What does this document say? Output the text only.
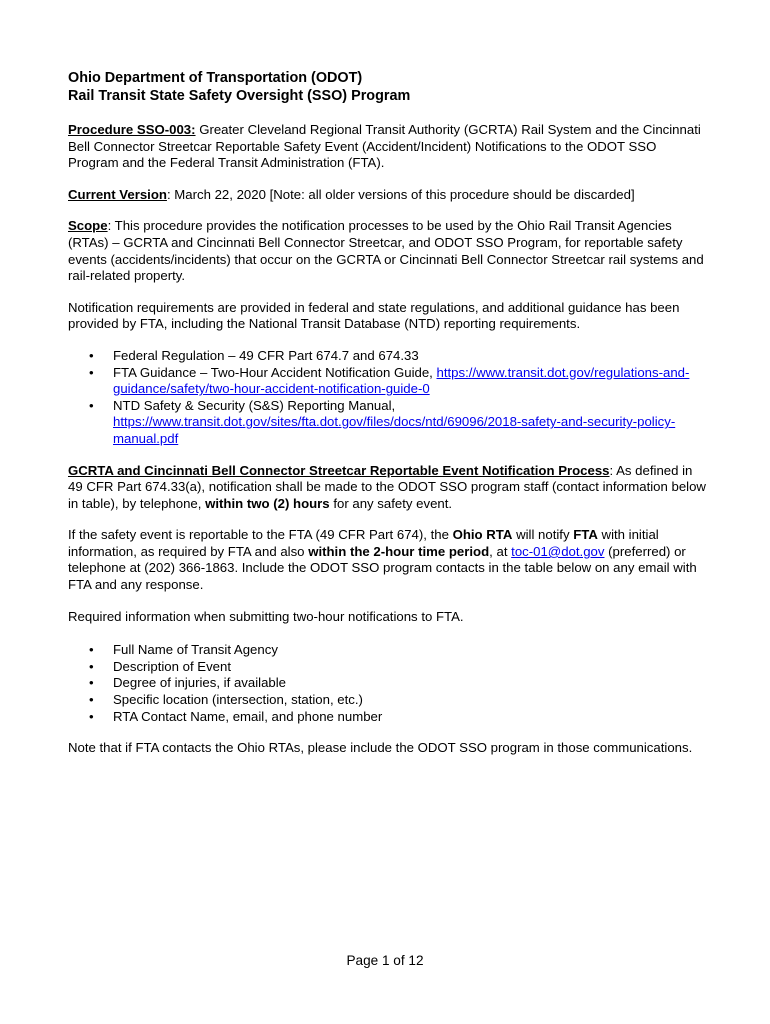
Ohio Department of Transportation (ODOT)

Rail Transit State Safety Oversight (SSO) Program

Procedure SSO-003: Greater Cleveland Regional Transit Authority (GCRTA) Rail System and the Cincinnati Bell Connector Streetcar Reportable Safety Event (Accident/Incident) Notifications to the ODOT SSO Program and the Federal Transit Administration (FTA).

Current Version: March 22, 2020 [Note: all older versions of this procedure should be discarded]

Scope: This procedure provides the notification processes to be used by the Ohio Rail Transit Agencies (RTAs) – GCRTA and Cincinnati Bell Connector Streetcar, and ODOT SSO Program, for reportable safety events (accidents/incidents) that occur on the GCRTA or Cincinnati Bell Connector Streetcar rail systems and rail-related property.

Notification requirements are provided in federal and state regulations, and additional guidance has been provided by FTA, including the National Transit Database (NTD) reporting requirements.

• Federal Regulation – 49 CFR Part 674.7 and 674.33
• FTA Guidance – Two-Hour Accident Notification Guide, https://www.transit.dot.gov/regulations-and-guidance/safety/two-hour-accident-notification-guide-0
• NTD Safety & Security (S&S) Reporting Manual,
https://www.transit.dot.gov/sites/fta.dot.gov/files/docs/ntd/69096/2018-safety-and-security-policy-manual.pdf

GCRTA and Cincinnati Bell Connector Streetcar Reportable Event Notification Process: As defined in 49 CFR Part 674.33(a), notification shall be made to the ODOT SSO program staff (contact information below in table), by telephone, within two (2) hours for any safety event.

If the safety event is reportable to the FTA (49 CFR Part 674), the Ohio RTA will notify FTA with initial information, as required by FTA and also within the 2-hour time period, at toc-01@dot.gov (preferred) or telephone at (202) 366-1863. Include the ODOT SSO program contacts in the table below on any email with FTA and any response.

Required information when submitting two-hour notifications to FTA.

• Full Name of Transit Agency
• Description of Event
• Degree of injuries, if available
• Specific location (intersection, station, etc.)
• RTA Contact Name, email, and phone number

Note that if FTA contacts the Ohio RTAs, please include the ODOT SSO program in those communications.

Page 1 of 12
